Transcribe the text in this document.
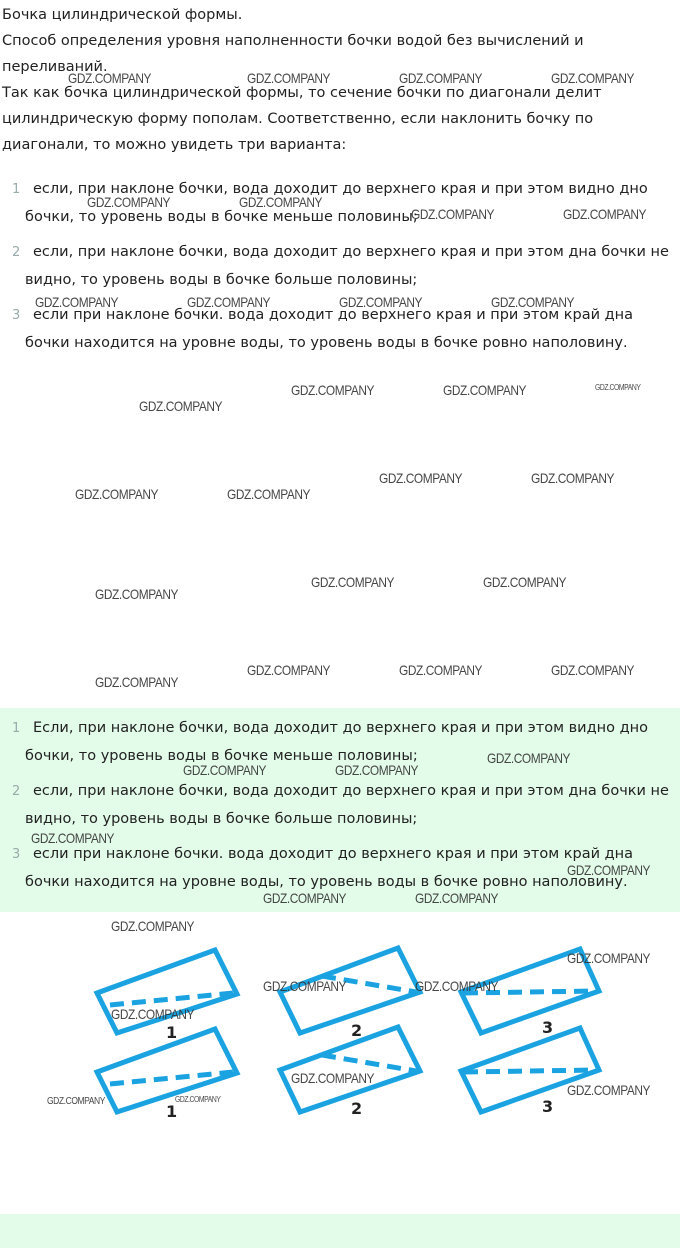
Бочка цилиндрической формы.

Способ определения уровня наполненности бочки водой без вычислений и переливаний.

Так как бочка цилиндрической формы, то сечение бочки по диагонали делит цилиндрическую форму пополам. Соответственно, если наклонить бочку по диагонали, то можно увидеть три варианта:

1 если, при наклоне бочки, вода доходит до верхнего края и при этом видно дно бочки, то уровень воды в бочке меньше половины;
2 если, при наклоне бочки, вода доходит до верхнего края и при этом дна бочки не видно, то уровень воды в бочке больше половины;
3 если при наклоне бочки. вода доходит до верхнего края и при этом край дна бочки находится на уровне воды, то уровень воды в бочке ровно наполовину.
1	2	3
1 Если, при наклоне бочки, вода доходит до верхнего края и при этом видно дно бочки, то уровень воды в бочке меньше половины;
2 если, при наклоне бочки, вода доходит до верхнего края и при этом дна бочки не видно, то уровень воды в бочке больше половины;
3 если при наклоне бочки. вода доходит до верхнего края и при этом край дна бочки находится на уровне воды, то уровень воды в бочке ровно наполовину.
1	2	3
GDZ.COMPANY	GDZ.COMPANY	GDZ.COMPANY	GDZ.COMPANY
GDZ.COMPANY	GDZ.COMPANY
GDZ.COMPANY	GDZ.COMPANY
GDZ.COMPANY	GDZ.COMPANY	GDZ.COMPANY	GDZ.COMPANY
GDZ.COMPANY	GDZ.COMPANY	GDZ.COMPANY
GDZ.COMPANY
GDZ.COMPANY	GDZ.COMPANY
GDZ.COMPANY	GDZ.COMPANY
GDZ.COMPANY	GDZ.COMPANY
GDZ.COMPANY
GDZ.COMPANY	GDZ.COMPANY	GDZ.COMPANY
GDZ.COMPANY
GDZ.COMPANY
GDZ.COMPANY	GDZ.COMPANY
GDZ.COMPANY
GDZ.COMPANY
GDZ.COMPANY	GDZ.COMPANY
GDZ.COMPANY
GDZ.COMPANY
GDZ.COMPANY	GDZ.COMPANY
GDZ.COMPANY
GDZ.COMPANY
GDZ.COMPANY
GDZ.COMPANY	GDZ.COMPANY
